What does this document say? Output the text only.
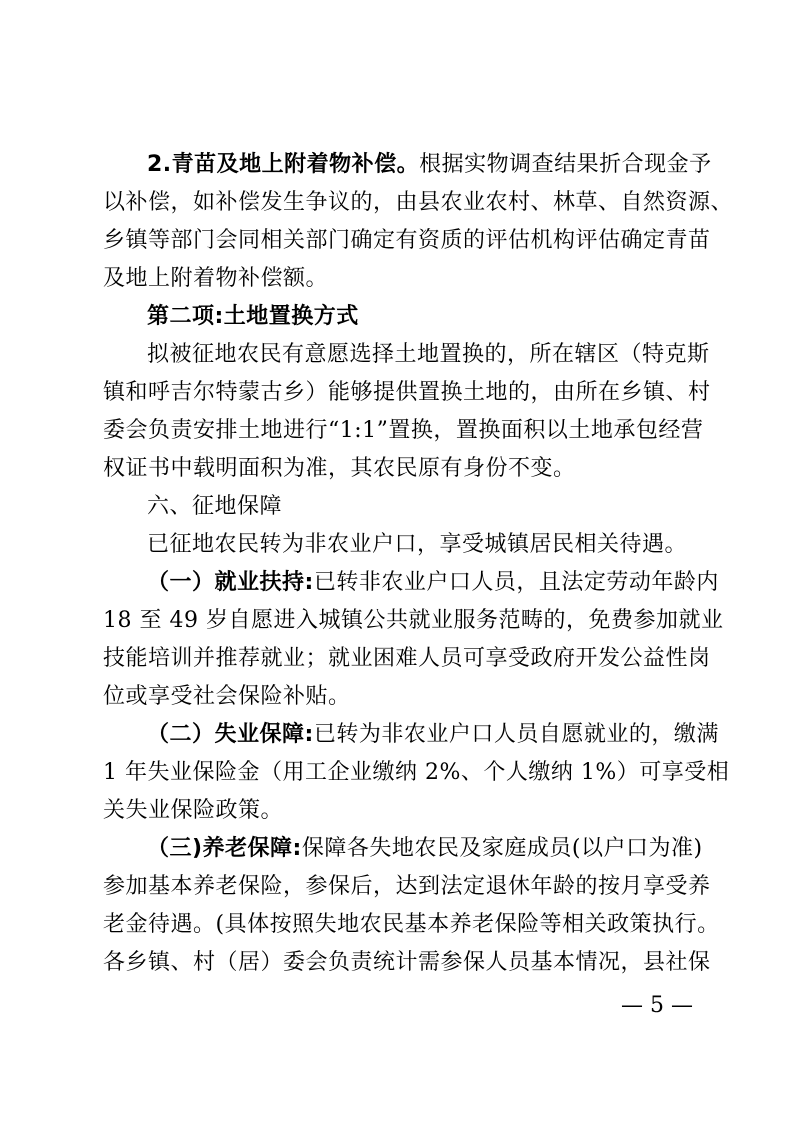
2.青苗及地上附着物补偿。根据实物调查结果折合现金予
以补偿，如补偿发生争议的，由县农业农村、林草、自然资源、
乡镇等部门会同相关部门确定有资质的评估机构评估确定青苗
及地上附着物补偿额。
第二项:土地置换方式
拟被征地农民有意愿选择土地置换的，所在辖区（特克斯
镇和呼吉尔特蒙古乡）能够提供置换土地的，由所在乡镇、村
委会负责安排土地进行“1:1”置换，置换面积以土地承包经营
权证书中载明面积为准，其农民原有身份不变。
六、征地保障
已征地农民转为非农业户口，享受城镇居民相关待遇。
（一）就业扶持:已转非农业户口人员，且法定劳动年龄内
18 至 49 岁自愿进入城镇公共就业服务范畴的，免费参加就业
技能培训并推荐就业；就业困难人员可享受政府开发公益性岗
位或享受社会保险补贴。
（二）失业保障:已转为非农业户口人员自愿就业的，缴满
1 年失业保险金（用工企业缴纳 2%、个人缴纳 1%）可享受相
关失业保险政策。
（三)养老保障:保障各失地农民及家庭成员(以户口为准)
参加基本养老保险，参保后，达到法定退休年龄的按月享受养
老金待遇。(具体按照失地农民基本养老保险等相关政策执行。
各乡镇、村（居）委会负责统计需参保人员基本情况，县社保
— 5 —
